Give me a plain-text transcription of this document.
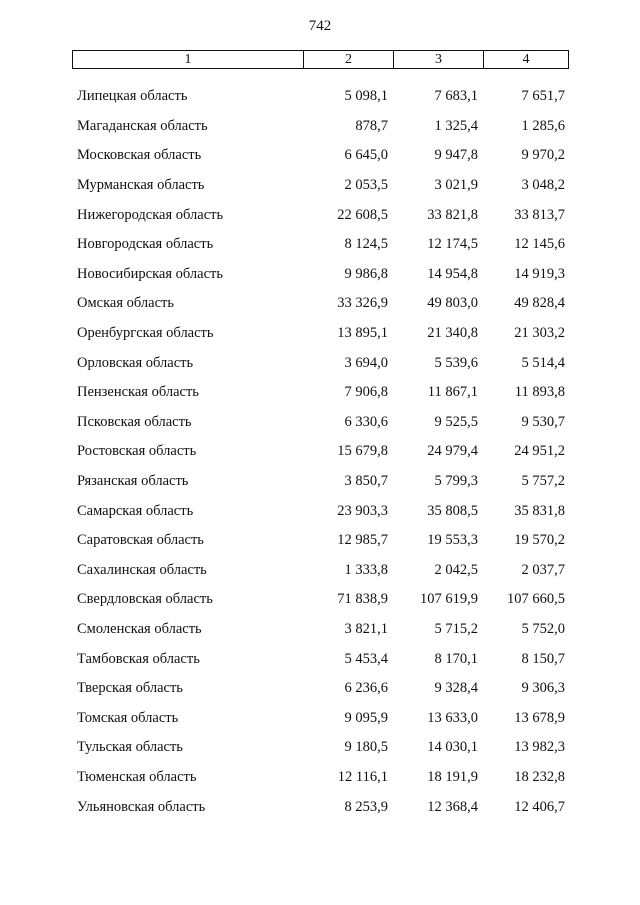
742
1	2	3	4
Липецкая область	5 098,1	7 683,1	7 651,7
Магаданская область	878,7	1 325,4	1 285,6
Московская область	6 645,0	9 947,8	9 970,2
Мурманская область	2 053,5	3 021,9	3 048,2
Нижегородская область	22 608,5	33 821,8	33 813,7
Новгородская область	8 124,5	12 174,5	12 145,6
Новосибирская область	9 986,8	14 954,8	14 919,3
Омская область	33 326,9	49 803,0	49 828,4
Оренбургская область	13 895,1	21 340,8	21 303,2
Орловская область	3 694,0	5 539,6	5 514,4
Пензенская область	7 906,8	11 867,1	11 893,8
Псковская область	6 330,6	9 525,5	9 530,7
Ростовская область	15 679,8	24 979,4	24 951,2
Рязанская область	3 850,7	5 799,3	5 757,2
Самарская область	23 903,3	35 808,5	35 831,8
Саратовская область	12 985,7	19 553,3	19 570,2
Сахалинская область	1 333,8	2 042,5	2 037,7
Свердловская область	71 838,9	107 619,9	107 660,5
Смоленская область	3 821,1	5 715,2	5 752,0
Тамбовская область	5 453,4	8 170,1	8 150,7
Тверская область	6 236,6	9 328,4	9 306,3
Томская область	9 095,9	13 633,0	13 678,9
Тульская область	9 180,5	14 030,1	13 982,3
Тюменская область	12 116,1	18 191,9	18 232,8
Ульяновская область	8 253,9	12 368,4	12 406,7
